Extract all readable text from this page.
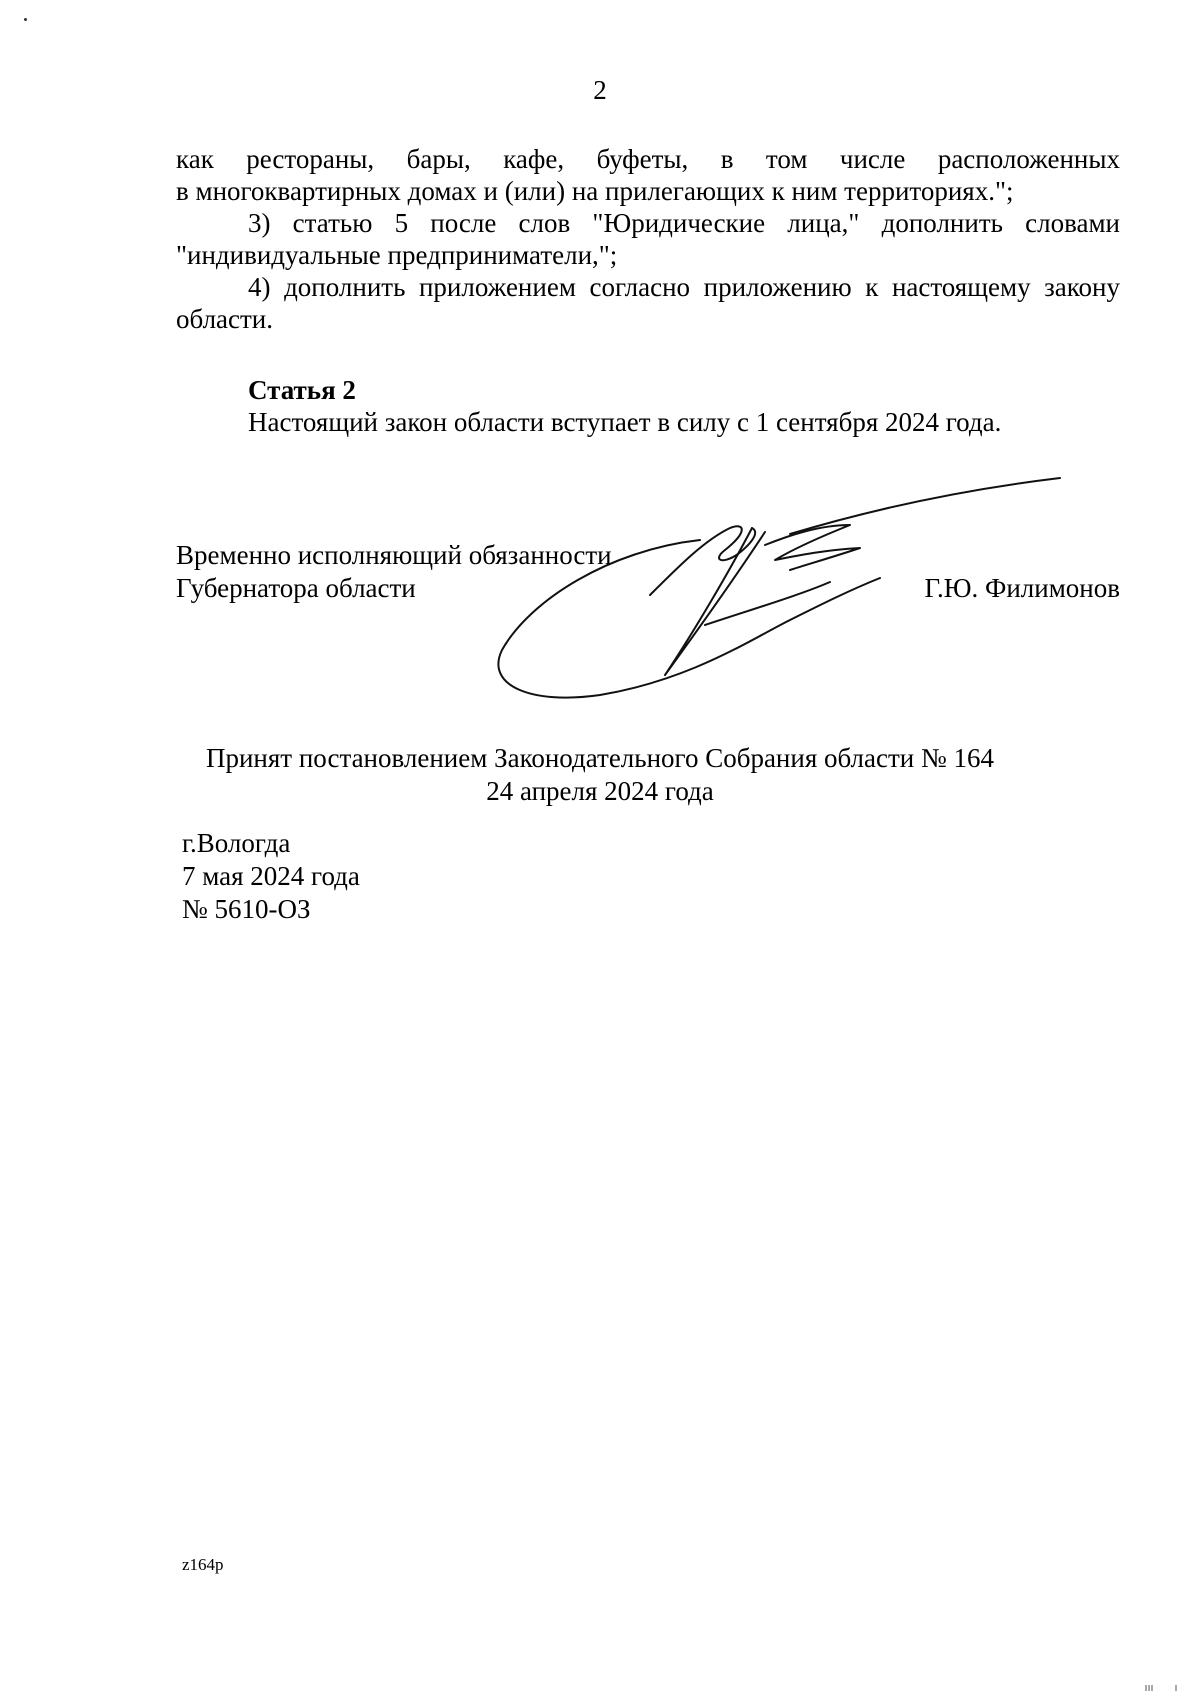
2

как рестораны, бары, кафе, буфеты, в том числе расположенных
в многоквартирных домах и (или) на прилегающих к ним территориях.";

3) статью 5 после слов "Юридические лица," дополнить словами
"индивидуальные предприниматели,";

4) дополнить приложением согласно приложению к настоящему закону
области.

Статья 2

Настоящий закон области вступает в силу с 1 сентября 2024 года.

Временно исполняющий обязанности
Губернатора области	Г.Ю. Филимонов
Принят постановлением Законодательного Собрания области № 164
24 апреля 2024 года
г.Вологда
7 мая 2024 года
№ 5610-ОЗ
z164p
